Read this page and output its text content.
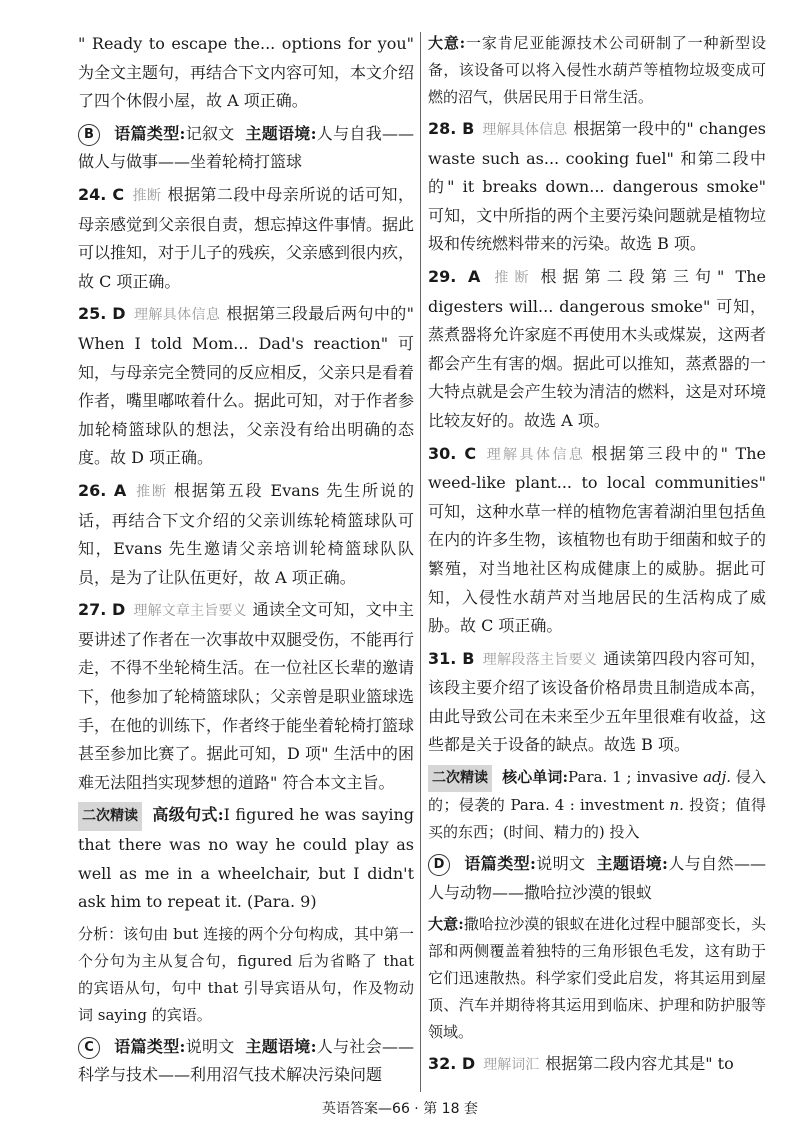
" Ready to escape the... options for you" 为全文主题句，再结合下文内容可知，本文介绍了四个休假小屋，故 A 项正确。

B 语篇类型:记叙文 主题语境:人与自我——做人与做事——坐着轮椅打篮球

24. C 推断 根据第二段中母亲所说的话可知，母亲感觉到父亲很自责，想忘掉这件事情。据此可以推知，对于儿子的残疾，父亲感到很内疚，故 C 项正确。

25. D 理解具体信息 根据第三段最后两句中的" When I told Mom... Dad's reaction" 可知，与母亲完全赞同的反应相反，父亲只是看着作者，嘴里嘟哝着什么。据此可知，对于作者参加轮椅篮球队的想法，父亲没有给出明确的态度。故 D 项正确。

26. A 推断 根据第五段 Evans 先生所说的话，再结合下文介绍的父亲训练轮椅篮球队可知，Evans 先生邀请父亲培训轮椅篮球队队员，是为了让队伍更好，故 A 项正确。

27. D 理解文章主旨要义 通读全文可知，文中主要讲述了作者在一次事故中双腿受伤，不能再行走，不得不坐轮椅生活。在一位社区长辈的邀请下，他参加了轮椅篮球队；父亲曾是职业篮球选手，在他的训练下，作者终于能坐着轮椅打篮球甚至参加比赛了。据此可知，D 项" 生活中的困难无法阻挡实现梦想的道路" 符合本文主旨。

二次精读 高级句式:I figured he was saying that there was no way he could play as well as me in a wheelchair, but I didn't ask him to repeat it. (Para. 9)

分析：该句由 but 连接的两个分句构成，其中第一个分句为主从复合句，figured 后为省略了 that 的宾语从句，句中 that 引导宾语从句，作及物动词 saying 的宾语。

C 语篇类型:说明文 主题语境:人与社会——科学与技术——利用沼气技术解决污染问题

大意:一家肯尼亚能源技术公司研制了一种新型设备，该设备可以将入侵性水葫芦等植物垃圾变成可燃的沼气，供居民用于日常生活。

28. B 理解具体信息 根据第一段中的" changes waste such as... cooking fuel" 和第二段中的" it breaks down... dangerous smoke" 可知，文中所指的两个主要污染问题就是植物垃圾和传统燃料带来的污染。故选 B 项。

29. A 推断 根据第二段第三句" The digesters will... dangerous smoke" 可知，蒸煮器将允许家庭不再使用木头或煤炭，这两者都会产生有害的烟。据此可以推知，蒸煮器的一大特点就是会产生较为清洁的燃料，这是对环境比较友好的。故选 A 项。

30. C 理解具体信息 根据第三段中的" The weed-like plant... to local communities" 可知，这种水草一样的植物危害着湖泊里包括鱼在内的许多生物，该植物也有助于细菌和蚊子的繁殖，对当地社区构成健康上的威胁。据此可知，入侵性水葫芦对当地居民的生活构成了威胁。故 C 项正确。

31. B 理解段落主旨要义 通读第四段内容可知，该段主要介绍了该设备价格昂贵且制造成本高，由此导致公司在未来至少五年里很难有收益，这些都是关于设备的缺点。故选 B 项。

二次精读 核心单词:Para. 1 ; invasive adj. 侵入的；侵袭的 Para. 4 : investment n. 投资；值得买的东西；(时间、精力的) 投入

D 语篇类型:说明文 主题语境:人与自然——人与动物——撒哈拉沙漠的银蚁

大意:撒哈拉沙漠的银蚁在进化过程中腿部变长，头部和两侧覆盖着独特的三角形银色毛发，这有助于它们迅速散热。科学家们受此启发，将其运用到屋顶、汽车并期待将其运用到临床、护理和防护服等领域。

32. D 理解词汇 根据第二段内容尤其是" to

英语答案—66 · 第 18 套
